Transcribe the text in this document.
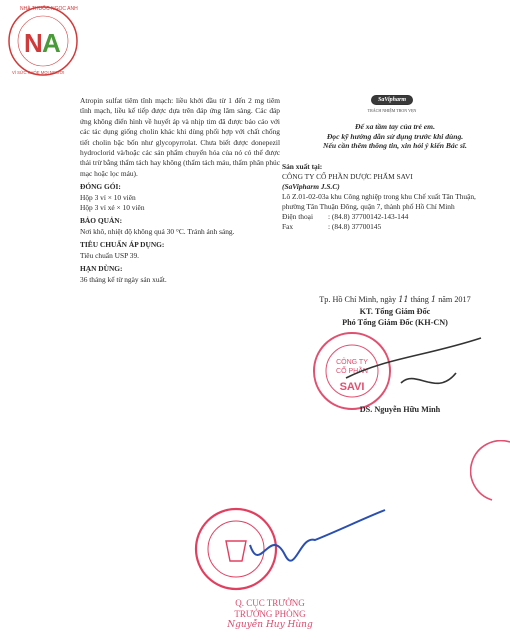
N A
NHÀ THUỐC NGỌC ANH
VÌ SỨC KHỎE MỌI NGƯỜI

Atropin sulfat tiêm tĩnh mạch: liều khởi đầu từ 1 đến 2 mg tiêm tĩnh mạch, liều kế tiếp được dựa trên đáp ứng lâm sàng. Các đáp ứng không điển hình về huyết áp và nhịp tim đã được báo cáo với các tác dụng giống cholin khác khi dùng phối hợp với chất chống tiết cholin bậc bốn như glycopyrrolat. Chưa biết được donepezil hydroclorid và/hoặc các sản phẩm chuyển hóa của nó có thể được thải trừ bằng thẩm tách hay không (thẩm tách máu, thẩm phân phúc mạc hoặc lọc máu).

ĐÓNG GÓI:

Hộp 3 vỉ × 10 viên

Hộp 3 vỉ xé × 10 viên

BẢO QUẢN:

Nơi khô, nhiệt độ không quá 30 °C. Tránh ánh sáng.

TIÊU CHUẨN ÁP DỤNG:

Tiêu chuẩn USP 39.

HẠN DÙNG:

36 tháng kể từ ngày sản xuất.

SaVipharm
TRÁCH NHIỆM TRON VẸN
Để xa tầm tay của trẻ em.
Đọc kỹ hướng dẫn sử dụng trước khi dùng.
Nếu cần thêm thông tin, xin hỏi ý kiến Bác sĩ.

Sản xuất tại:

CÔNG TY CỔ PHẦN DƯỢC PHẨM SAVI

(SaVipharm J.S.C)

Lô Z.01-02-03a khu Công nghiệp trong khu Chế xuất Tân Thuận, phường Tân Thuận Đông, quận 7, thành phố Hồ Chí Minh

Điện thoại	: (84.8) 37700142-143-144
Fax	: (84.8) 37700145
Tp. Hồ Chí Minh, ngày 11 tháng 1 năm 2017
KT. Tổng Giám Đốc
Phó Tổng Giám Đốc (KH-CN)
CÔNG TY
CỔ PHẦN
SAVI
DS. Nguyễn Hữu Minh
Q. CỤC TRƯỞNG
TRƯỞNG PHÒNG
Nguyễn Huy Hùng
